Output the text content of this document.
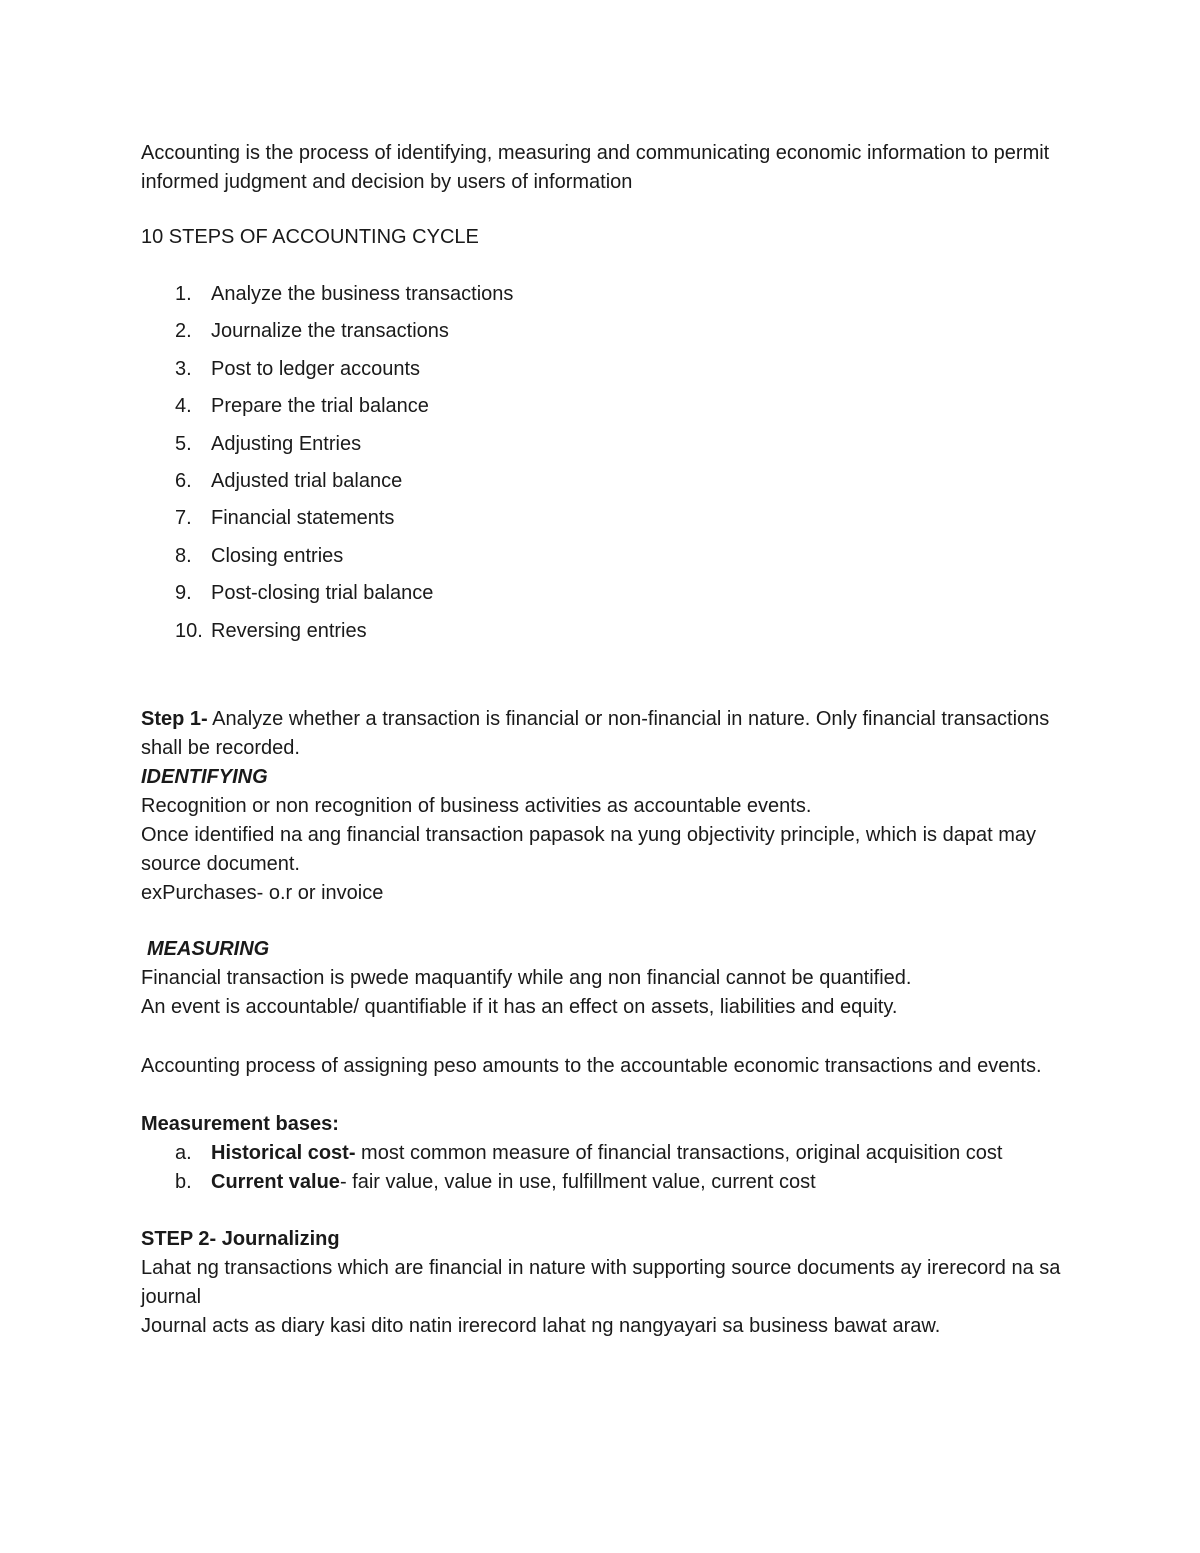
Accounting is the process of identifying, measuring and communicating economic information to permit informed judgment and decision by users of information

10 STEPS OF ACCOUNTING CYCLE

1. Analyze the business transactions
2. Journalize the transactions
3. Post to ledger accounts
4. Prepare the trial balance
5. Adjusting Entries
6. Adjusted trial balance
7. Financial statements
8. Closing entries
9. Post-closing trial balance
10. Reversing entries

Step 1- Analyze whether a transaction is financial or non-financial in nature. Only financial transactions shall be recorded.

IDENTIFYING

Recognition or non recognition of business activities as accountable events.

Once identified na ang financial transaction papasok na yung objectivity principle, which is dapat may source document.

exPurchases- o.r or invoice

MEASURING

Financial transaction is pwede maquantify while ang non financial cannot be quantified.

An event is accountable/ quantifiable if it has an effect on assets, liabilities and equity.

Accounting process of assigning peso amounts to the accountable economic transactions and events.

Measurement bases:

a. Historical cost- most common measure of financial transactions, original acquisition cost
b. Current value- fair value, value in use, fulfillment value, current cost

STEP 2- Journalizing

Lahat ng transactions which are financial in nature with supporting source documents ay irerecord na sa journal

Journal acts as diary kasi dito natin irerecord lahat ng nangyayari sa business bawat araw.
